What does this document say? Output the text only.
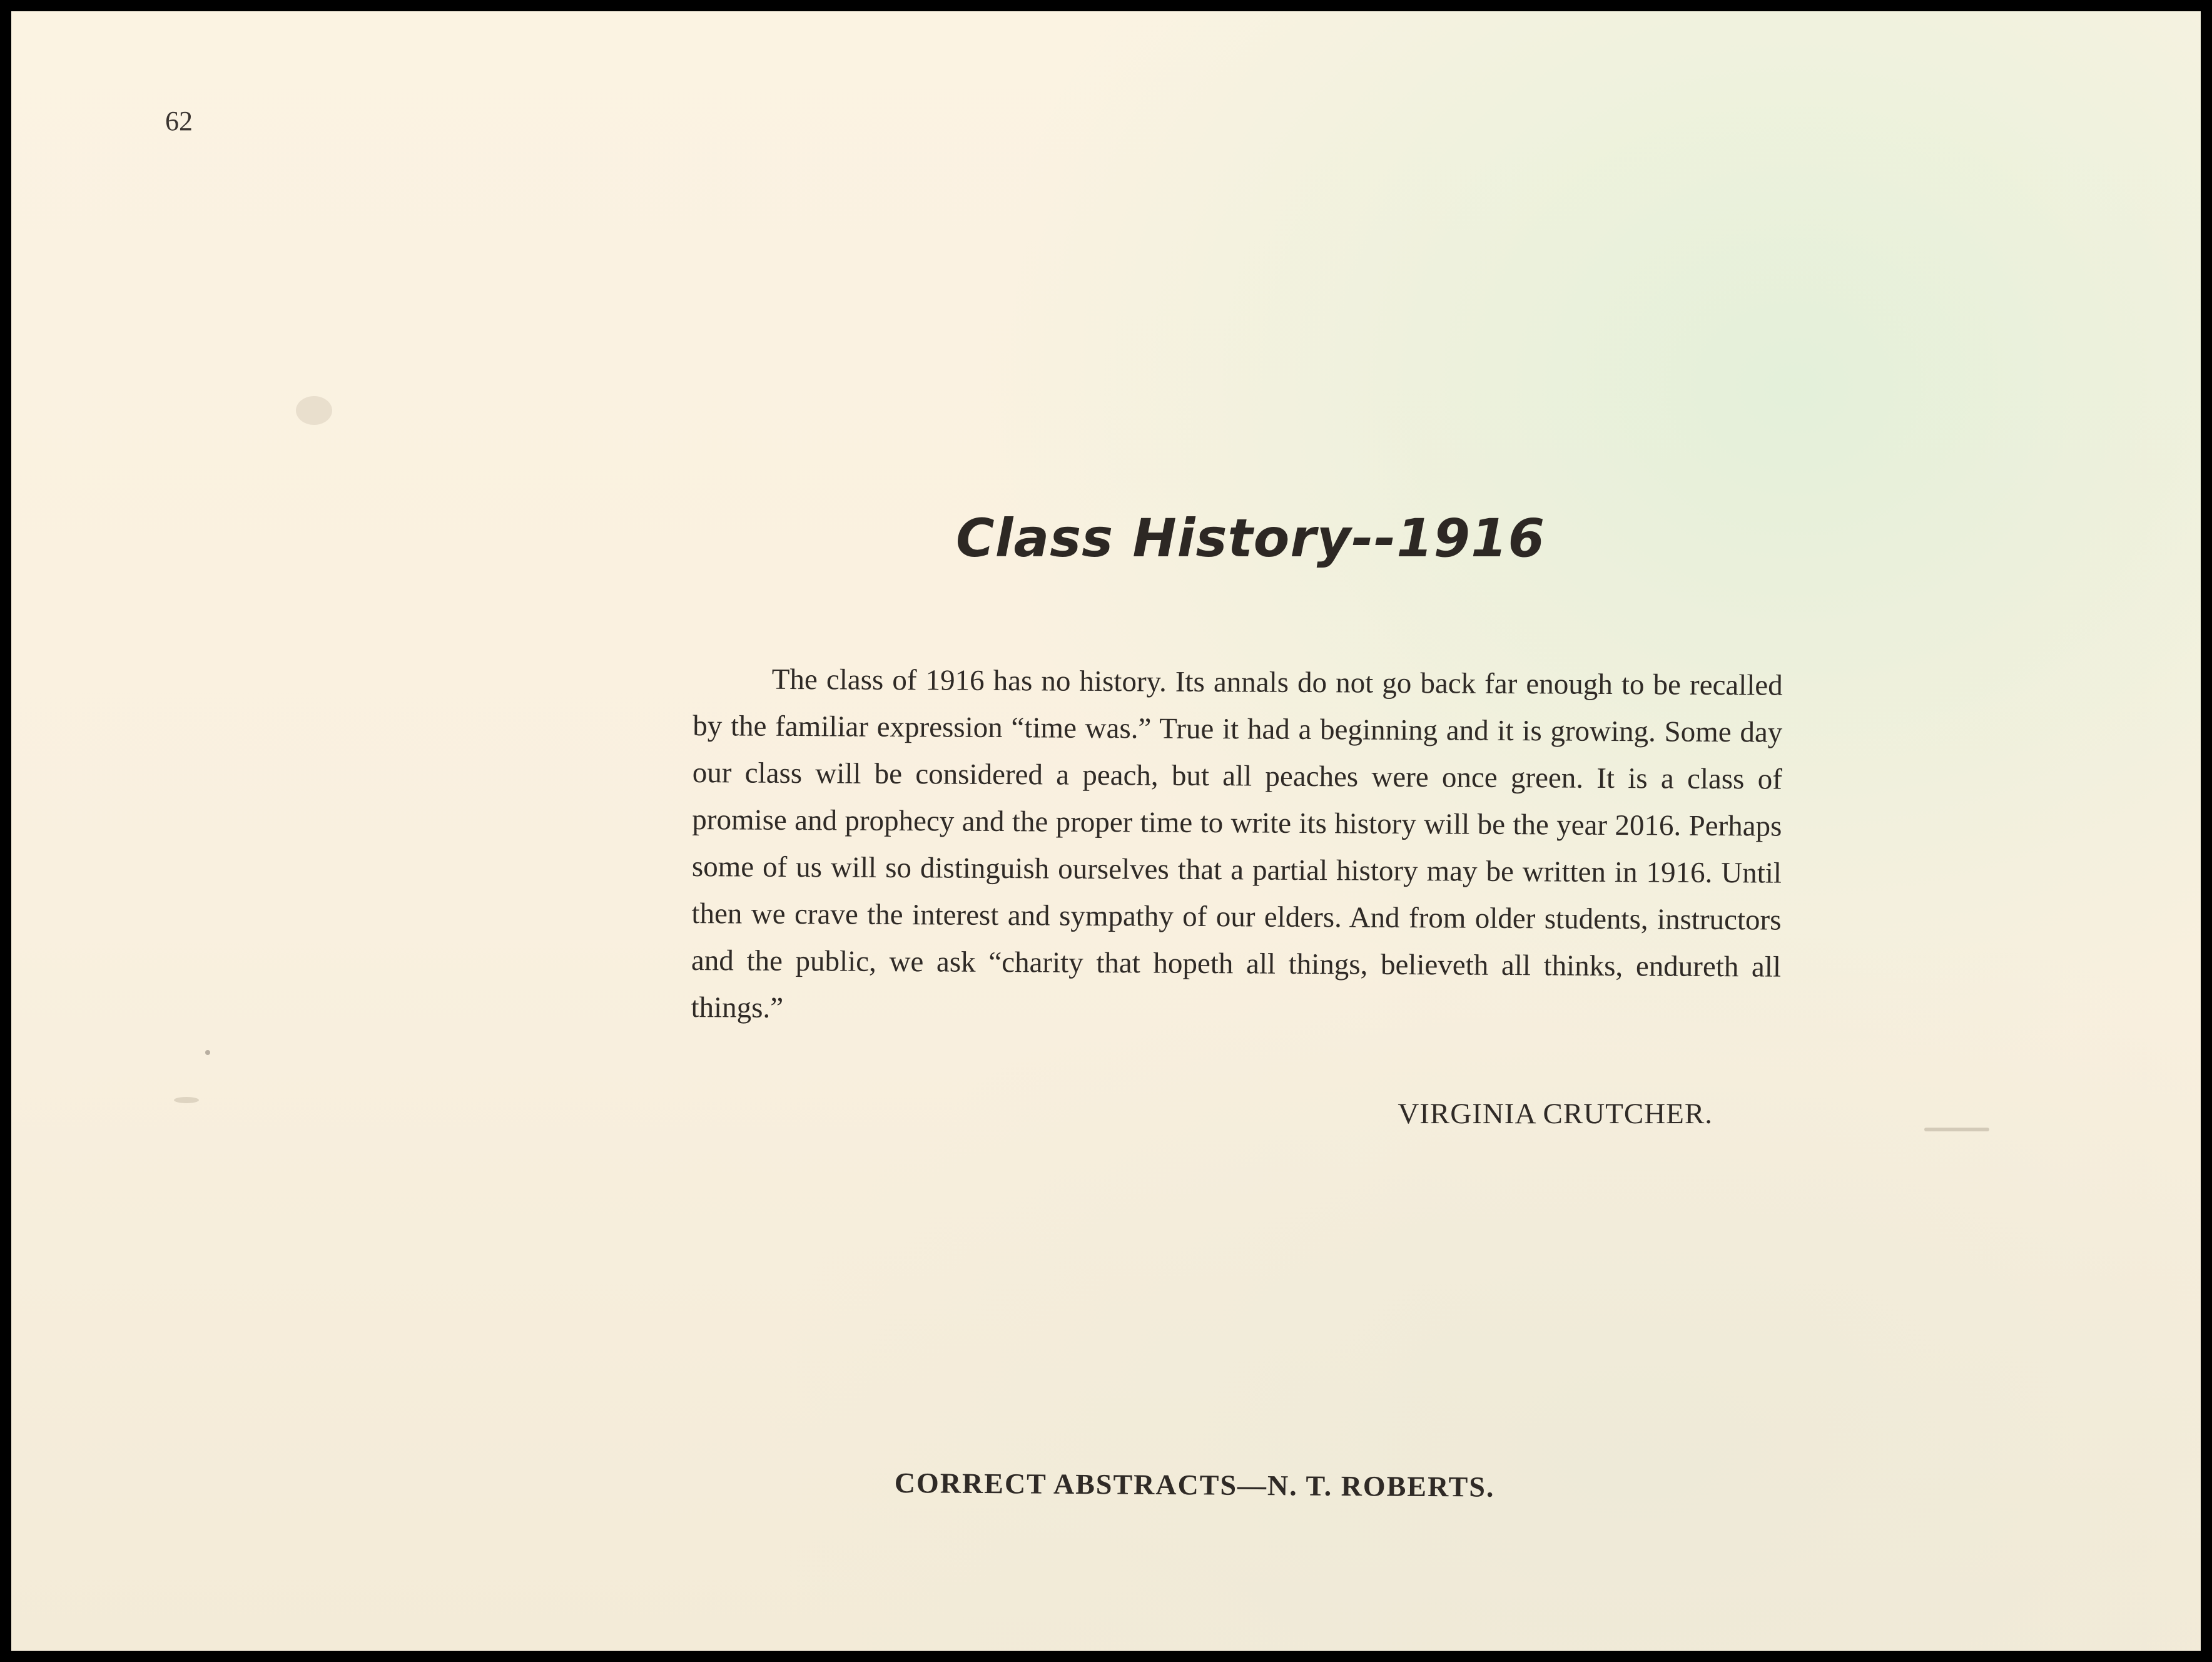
62

Class History--1916

The class of 1916 has no history. Its annals do not go back far enough to be recalled by the familiar expression “time was.” True it had a beginning and it is growing. Some day our class will be considered a peach, but all peaches were once green. It is a class of promise and prophecy and the proper time to write its history will be the year 2016. Perhaps some of us will so distinguish ourselves that a partial history may be written in 1916. Until then we crave the interest and sympathy of our elders. And from older students, instructors and the public, we ask “charity that hopeth all things, believeth all thinks, endureth all things.”

VIRGINIA CRUTCHER.

CORRECT ABSTRACTS—N. T. ROBERTS.
